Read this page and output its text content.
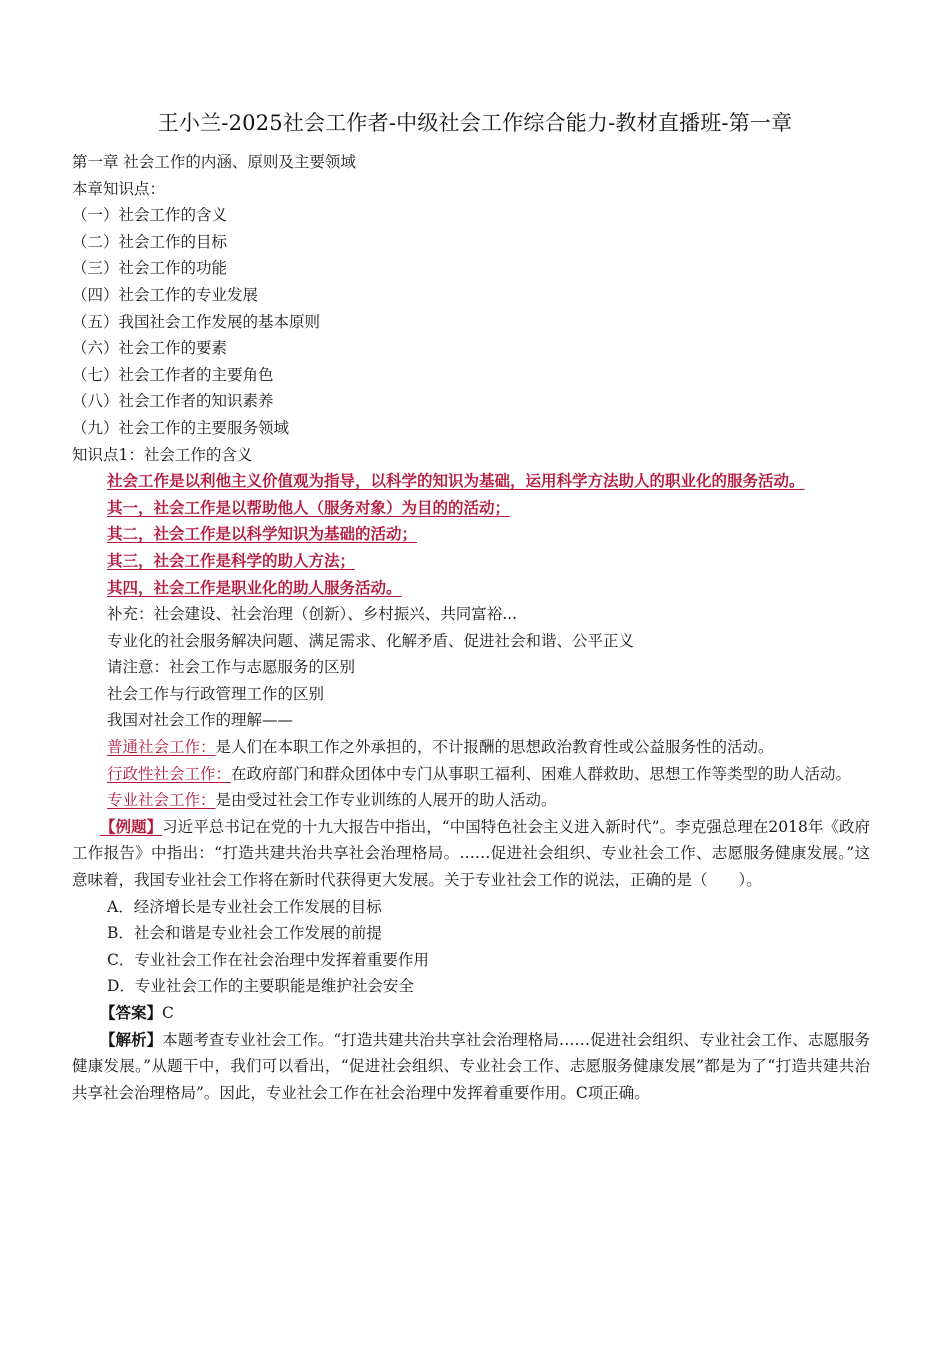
王小兰-2025社会工作者-中级社会工作综合能力-教材直播班-第一章

第一章 社会工作的内涵、原则及主要领域

本章知识点：

（一）社会工作的含义

（二）社会工作的目标

（三）社会工作的功能

（四）社会工作的专业发展

（五）我国社会工作发展的基本原则

（六）社会工作的要素

（七）社会工作者的主要角色

（八）社会工作者的知识素养

（九）社会工作的主要服务领域

知识点1：社会工作的含义

社会工作是以利他主义价值观为指导，以科学的知识为基础，运用科学方法助人的职业化的服务活动。

其一，社会工作是以帮助他人（服务对象）为目的的活动；

其二，社会工作是以科学知识为基础的活动；

其三，社会工作是科学的助人方法；

其四，社会工作是职业化的助人服务活动。

补充：社会建设、社会治理（创新）、乡村振兴、共同富裕...

专业化的社会服务解决问题、满足需求、化解矛盾、促进社会和谐、公平正义

请注意：社会工作与志愿服务的区别

社会工作与行政管理工作的区别

我国对社会工作的理解——

普通社会工作：是人们在本职工作之外承担的，不计报酬的思想政治教育性或公益服务性的活动。

行政性社会工作：在政府部门和群众团体中专门从事职工福利、困难人群救助、思想工作等类型的助人活动。

专业社会工作：是由受过社会工作专业训练的人展开的助人活动。

【例题】习近平总书记在党的十九大报告中指出，“中国特色社会主义进入新时代”。李克强总理在2018年《政府工作报告》中指出：“打造共建共治共享社会治理格局。……促进社会组织、专业社会工作、志愿服务健康发展。”这意味着，我国专业社会工作将在新时代获得更大发展。关于专业社会工作的说法，正确的是（　　）。

A．经济增长是专业社会工作发展的目标

B．社会和谐是专业社会工作发展的前提

C．专业社会工作在社会治理中发挥着重要作用

D．专业社会工作的主要职能是维护社会安全

【答案】C

【解析】本题考查专业社会工作。“打造共建共治共享社会治理格局……促进社会组织、专业社会工作、志愿服务健康发展。”从题干中，我们可以看出，“促进社会组织、专业社会工作、志愿服务健康发展”都是为了“打造共建共治共享社会治理格局”。因此，专业社会工作在社会治理中发挥着重要作用。C项正确。
